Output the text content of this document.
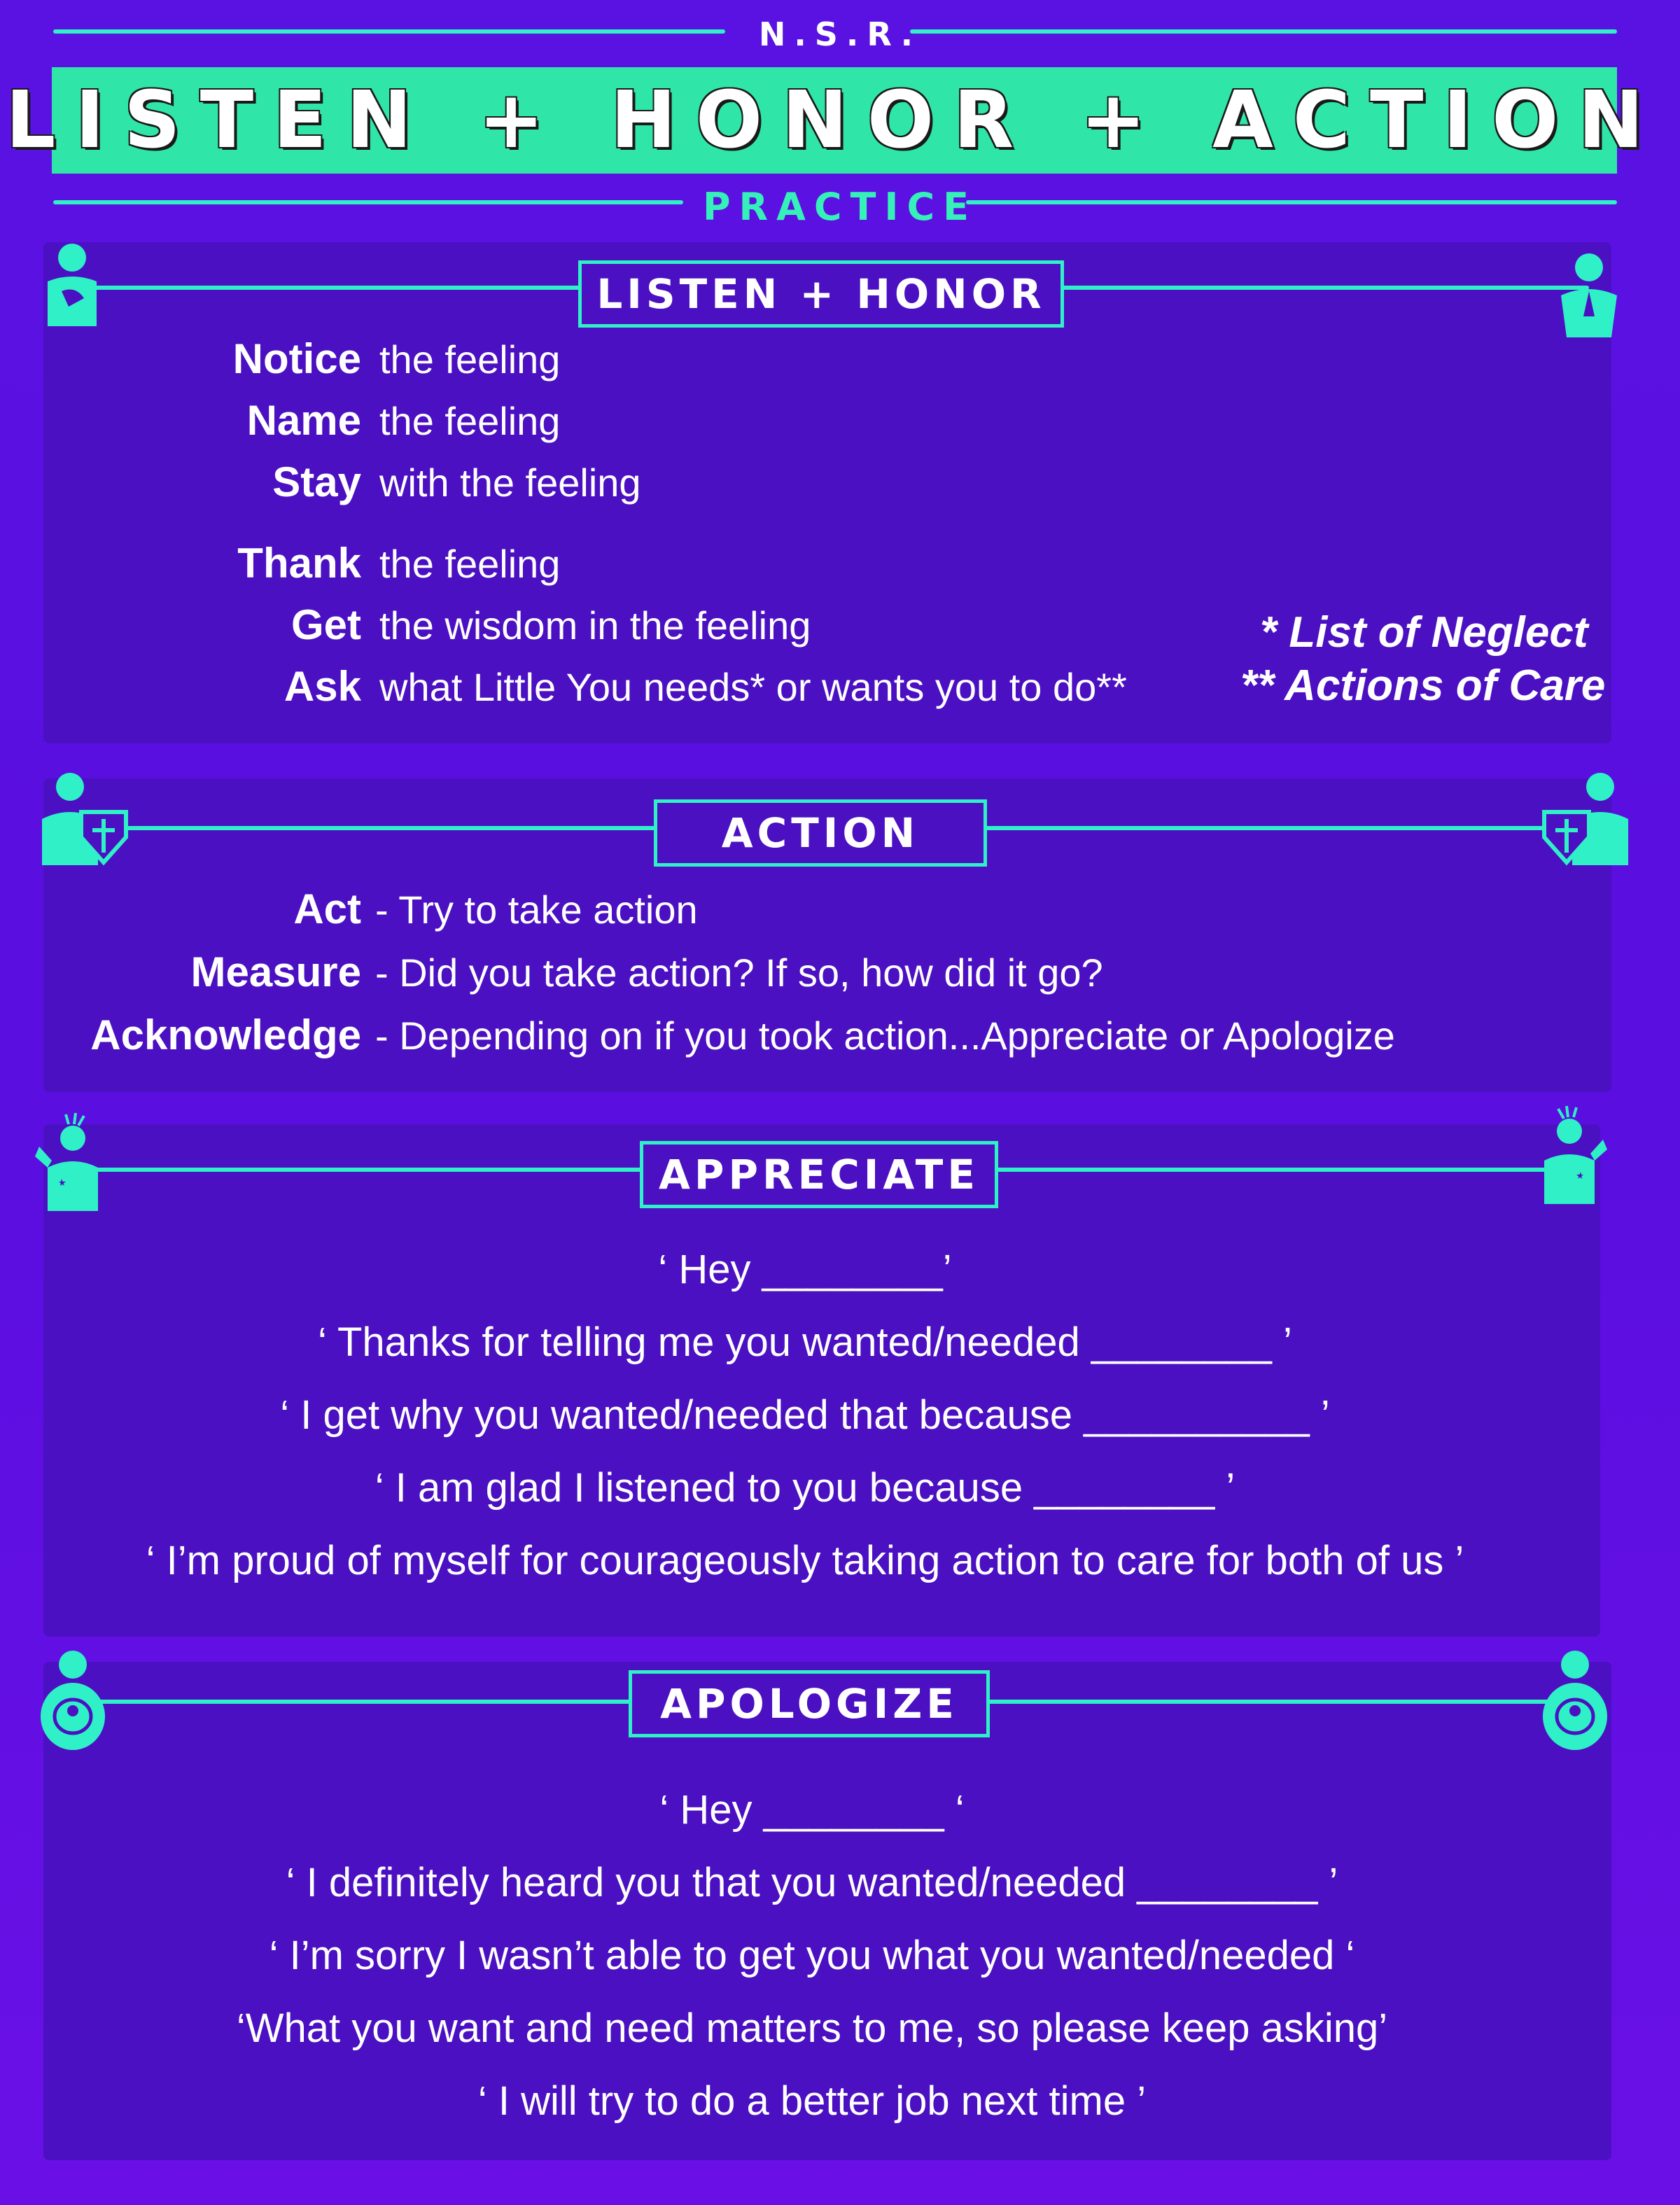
N.S.R.
LISTEN + HONOR + ACTION
PRACTICE
LISTEN + HONOR
Notice the feeling
Name the feeling
Stay with the feeling
Thank the feeling
Get the wisdom in the feeling
Ask what Little You needs* or wants you to do**
* List of Neglect
** Actions of Care
ACTION
Act - Try to take action
Measure - Did you take action? If so, how did it go?
Acknowledge - Depending on if you took action...Appreciate or Apologize
APPRECIATE
‘ Hey ________’
‘ Thanks for telling me you wanted/needed ________ ’
‘ I get why you wanted/needed that because __________ ’
‘ I am glad I listened to you because ________ ’
‘ I’m proud of myself for courageously taking action to care for both of us ’
APOLOGIZE
‘ Hey ________ ‘
‘ I definitely heard you that you wanted/needed ________ ’
‘ I’m sorry I wasn’t able to get you what you wanted/needed ‘
‘What you want and need matters to me, so please keep asking’
‘ I will try to do a better job next time ’
